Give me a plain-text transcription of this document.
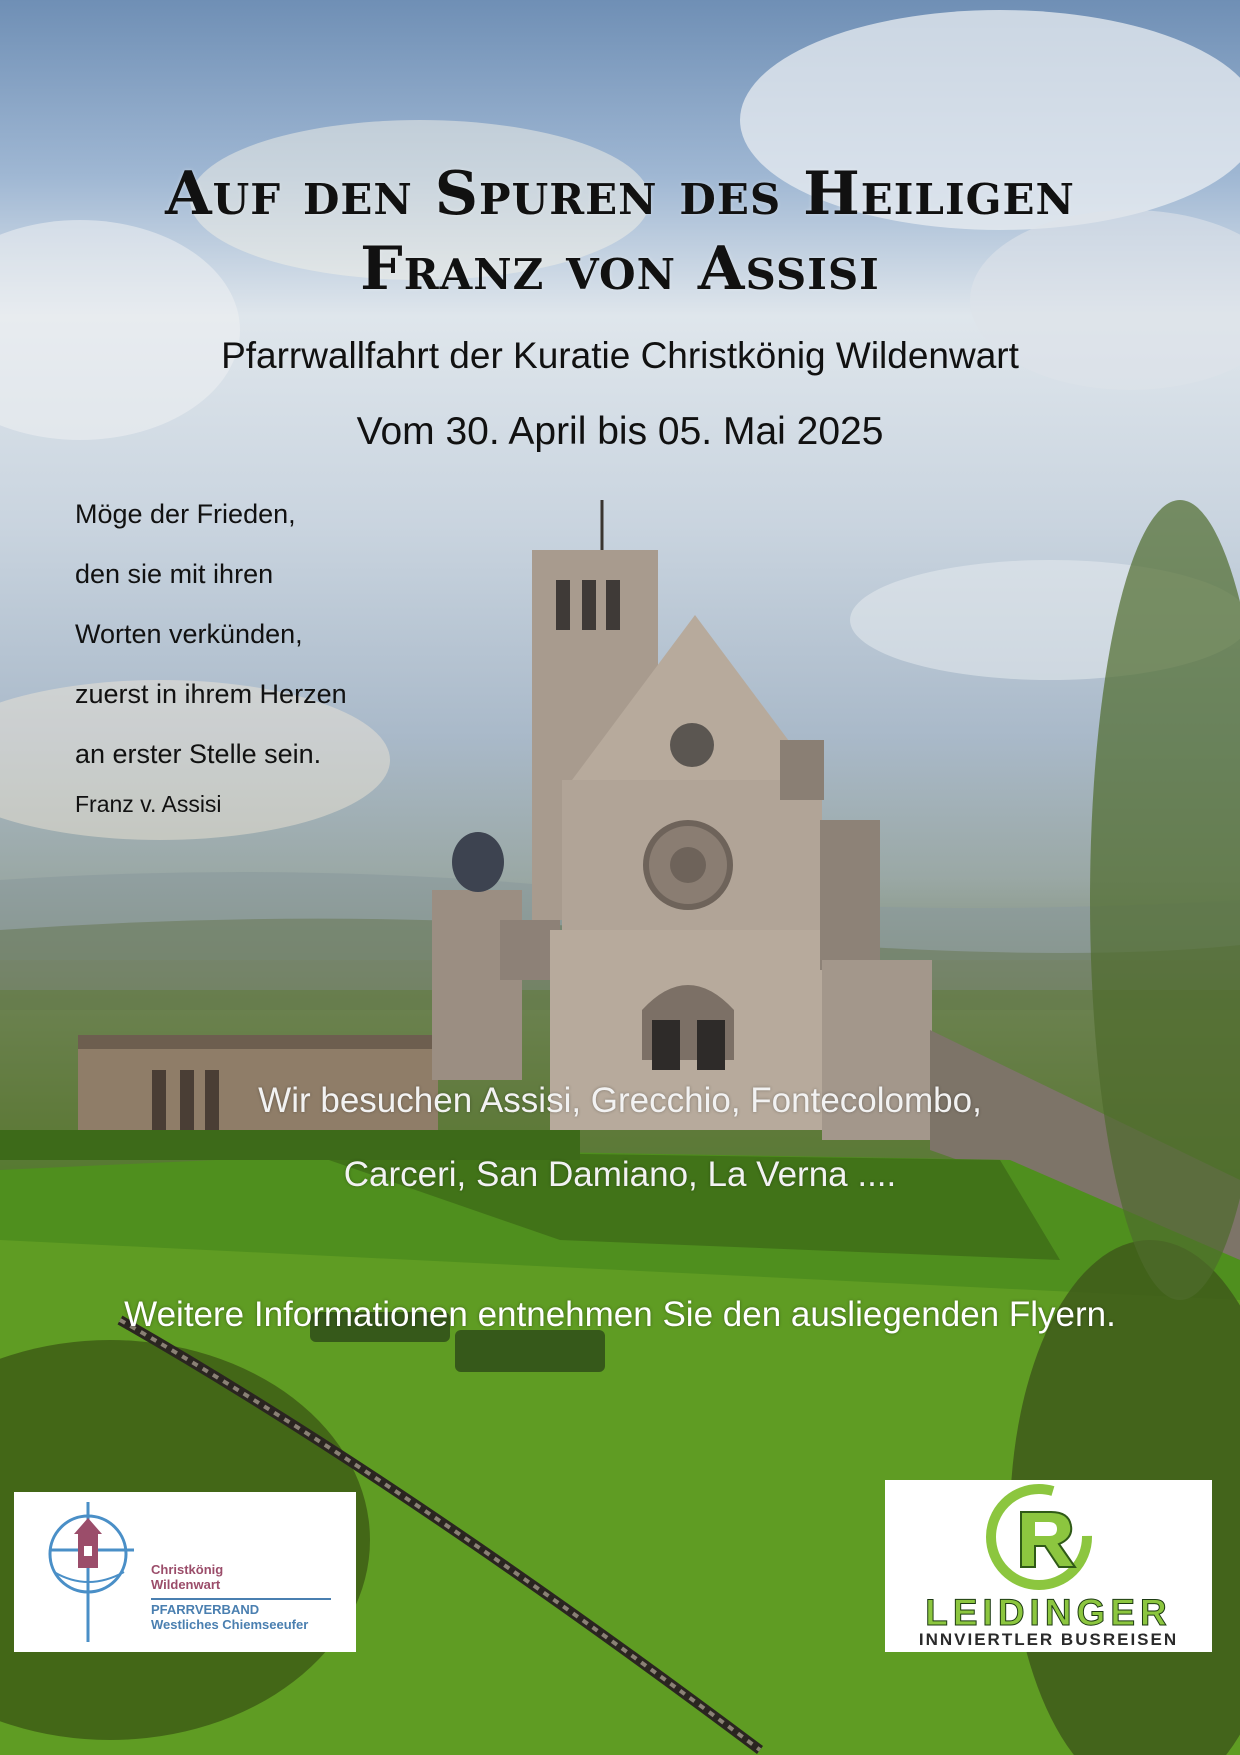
Auf den Spuren des Heiligen
Franz von Assisi
Pfarrwallfahrt der Kuratie Christkönig Wildenwart
Vom 30. April bis 05. Mai 2025
Möge der Frieden,
den sie mit ihren
Worten verkünden,
zuerst in ihrem Herzen
an erster Stelle sein.
Franz v. Assisi
Wir besuchen Assisi, Grecchio, Fontecolombo,
Carceri, San Damiano, La Verna ....
Weitere Informationen entnehmen Sie den ausliegenden Flyern.
Christkönig
Wildenwart
PFARRVERBAND
Westliches Chiemseeufer	LEIDINGER
INNVIERTLER BUSREISEN
